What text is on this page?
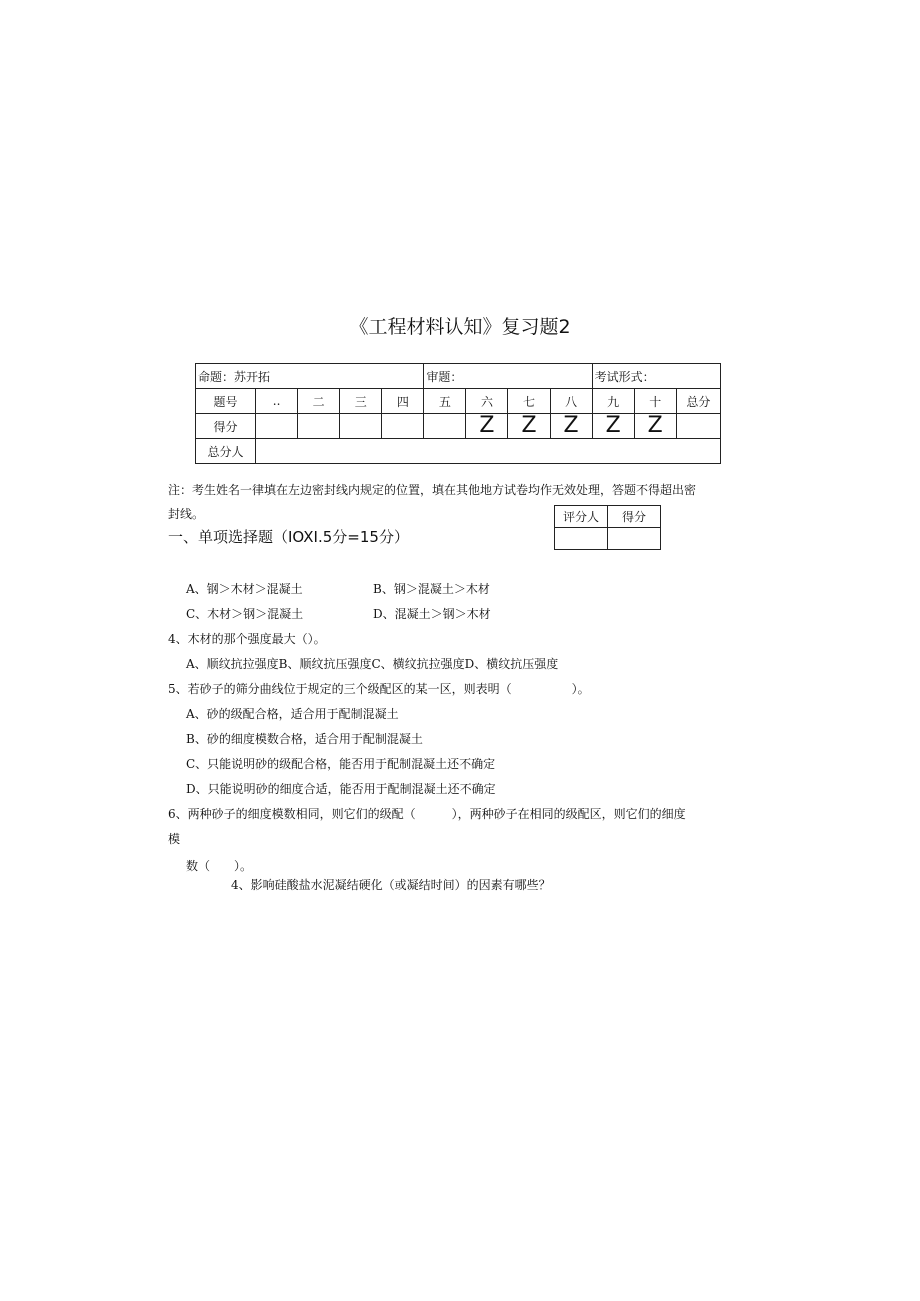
《工程材料认知》复习题2
命题：苏开拓					审题：				考试形式：		
题号	..	二	三	四	五	六	七	八	九	十	总分
得分						Z	Z	Z	Z	Z	
总分人											
注：考生姓名一律填在左边密封线内规定的位置，填在其他地方试卷均作无效处理，答题不得超出密
封线。	评分人	得分

一、单项选择题（IOXI.5分=15分）
A、钢＞木材＞混凝土	B、钢＞混凝土＞木材
C、木材＞钢＞混凝土	D、混凝土＞钢＞木材
4、木材的那个强度最大（）。
A、顺纹抗拉强度B、顺纹抗压强度C、横纹抗拉强度D、横纹抗压强度
5、若砂子的筛分曲线位于规定的三个级配区的某一区，则表明（　　　　　）。
A、砂的级配合格，适合用于配制混凝土
B、砂的细度模数合格，适合用于配制混凝土
C、只能说明砂的级配合格，能否用于配制混凝土还不确定
D、只能说明砂的细度合适，能否用于配制混凝土还不确定
6、两种砂子的细度模数相同，则它们的级配（　　　），两种砂子在相同的级配区，则它们的细度
模
数（　　）。
4、影响硅酸盐水泥凝结硬化（或凝结时间）的因素有哪些？
